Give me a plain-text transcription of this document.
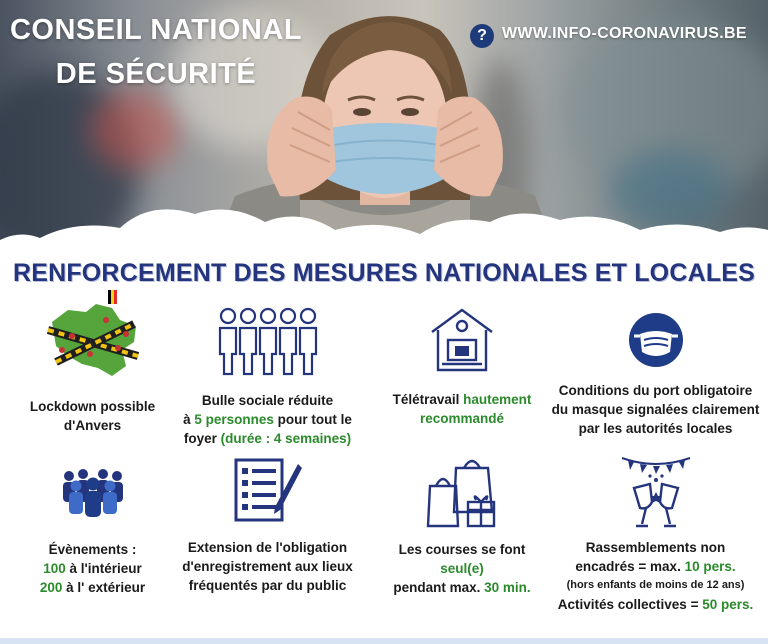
CONSEIL NATIONAL
DE SÉCURITÉ
? WWW.INFO-CORONAVIRUS.BE
RENFORCEMENT DES MESURES NATIONALES ET LOCALES
Lockdown possible
d'Anvers
Bulle sociale réduite
à 5 personnes pour tout le
foyer (durée : 4 semaines)
Télétravail hautement recommandé
Conditions du port obligatoire
du masque signalées clairement
par les autorités locales
Évènements :
100 à l'intérieur
200 à l' extérieur
Extension de l'obligation
d'enregistrement aux lieux
fréquentés par du public
Les courses se font seul(e)
pendant max. 30 min.
Rassemblements non
encadrés = max. 10 pers.
(hors enfants de moins de 12 ans)
Activités collectives = 50 pers.
